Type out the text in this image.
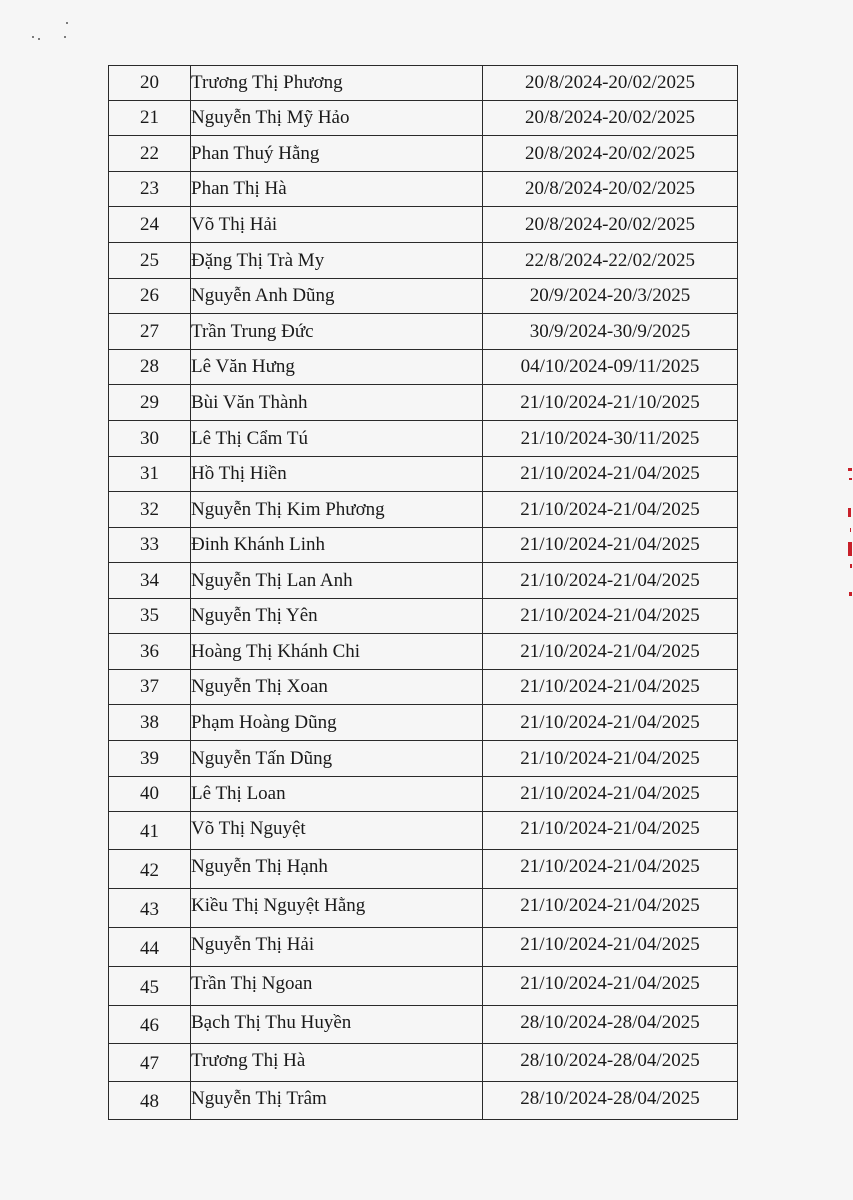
20	Trương Thị Phương	20/8/2024-20/02/2025
21	Nguyễn Thị Mỹ Hảo	20/8/2024-20/02/2025
22	Phan Thuý Hằng	20/8/2024-20/02/2025
23	Phan Thị Hà	20/8/2024-20/02/2025
24	Võ Thị Hải	20/8/2024-20/02/2025
25	Đặng Thị Trà My	22/8/2024-22/02/2025
26	Nguyễn Anh Dũng	20/9/2024-20/3/2025
27	Trần Trung Đức	30/9/2024-30/9/2025
28	Lê Văn Hưng	04/10/2024-09/11/2025
29	Bùi Văn Thành	21/10/2024-21/10/2025
30	Lê Thị Cẩm Tú	21/10/2024-30/11/2025
31	Hồ Thị Hiền	21/10/2024-21/04/2025
32	Nguyễn Thị Kim Phương	21/10/2024-21/04/2025
33	Đinh Khánh Linh	21/10/2024-21/04/2025
34	Nguyễn Thị Lan Anh	21/10/2024-21/04/2025
35	Nguyễn Thị Yên	21/10/2024-21/04/2025
36	Hoàng Thị Khánh Chi	21/10/2024-21/04/2025
37	Nguyễn Thị Xoan	21/10/2024-21/04/2025
38	Phạm Hoàng Dũng	21/10/2024-21/04/2025
39	Nguyễn Tấn Dũng	21/10/2024-21/04/2025
40	Lê Thị Loan	21/10/2024-21/04/2025
41	Võ Thị Nguyệt	21/10/2024-21/04/2025
42	Nguyễn Thị Hạnh	21/10/2024-21/04/2025
43	Kiều Thị Nguyệt Hằng	21/10/2024-21/04/2025
44	Nguyễn Thị Hải	21/10/2024-21/04/2025
45	Trần Thị Ngoan	21/10/2024-21/04/2025
46	Bạch Thị Thu Huyền	28/10/2024-28/04/2025
47	Trương Thị Hà	28/10/2024-28/04/2025
48	Nguyễn Thị Trâm	28/10/2024-28/04/2025
